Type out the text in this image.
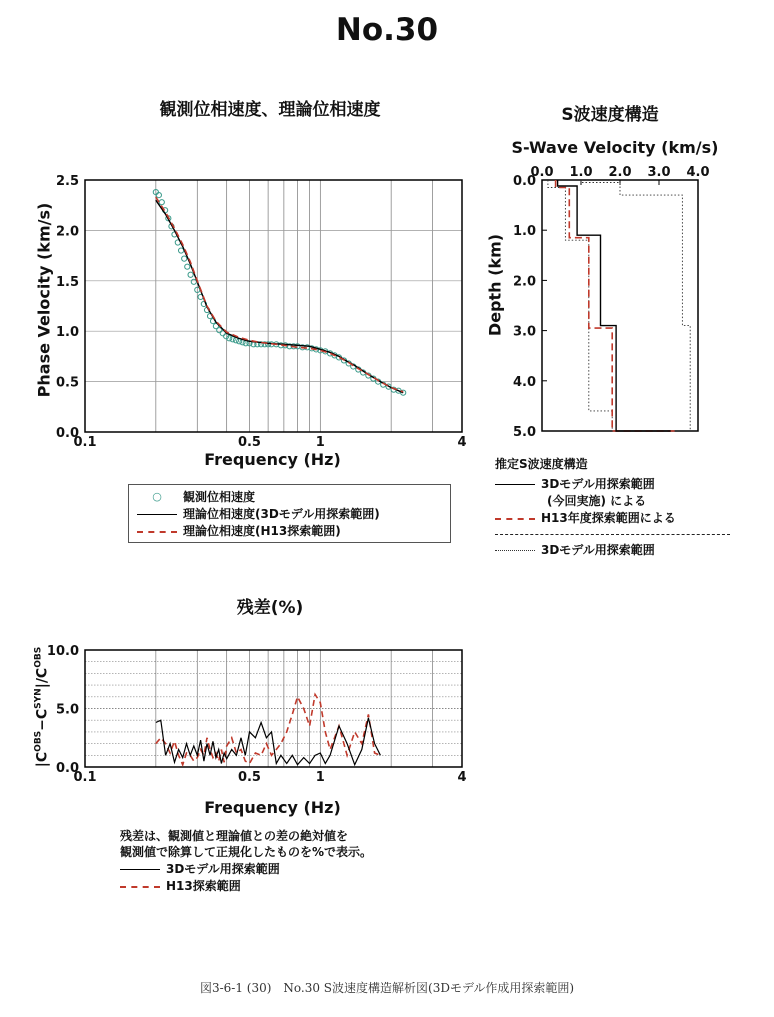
No.30
観測位相速度、理論位相速度	S波速度構造
残差(%)
Phase Velocity (km/s)
Frequency (Hz)
S-Wave Velocity (km/s)
Depth (km)
Frequency (Hz)
$|C^{OBS}-C^{SYN}|/C^{OBS}$
0.0
0.5
1.0
1.5
2.0
2.5
0.1	0.5	1	4
0.0
1.0
2.0
3.0
4.0
5.0
0.0 1.0 2.0 3.0 4.0
0.0
5.0
10.0
0.1	0.5	1	4
○	観測位相速度
理論位相速度(3Dモデル用探索範囲)
理論位相速度(H13探索範囲)
推定S波速度構造
3Dモデル用探索範囲
(今回実施) による
H13年度探索範囲による
3Dモデル用探索範囲
残差は、観測値と理論値との差の絶対値を
観測値で除算して正規化したものを%で表示。
3Dモデル用探索範囲
H13探索範囲
図3-6-1 (30)　No.30 S波速度構造解析図(3Dモデル作成用探索範囲)
